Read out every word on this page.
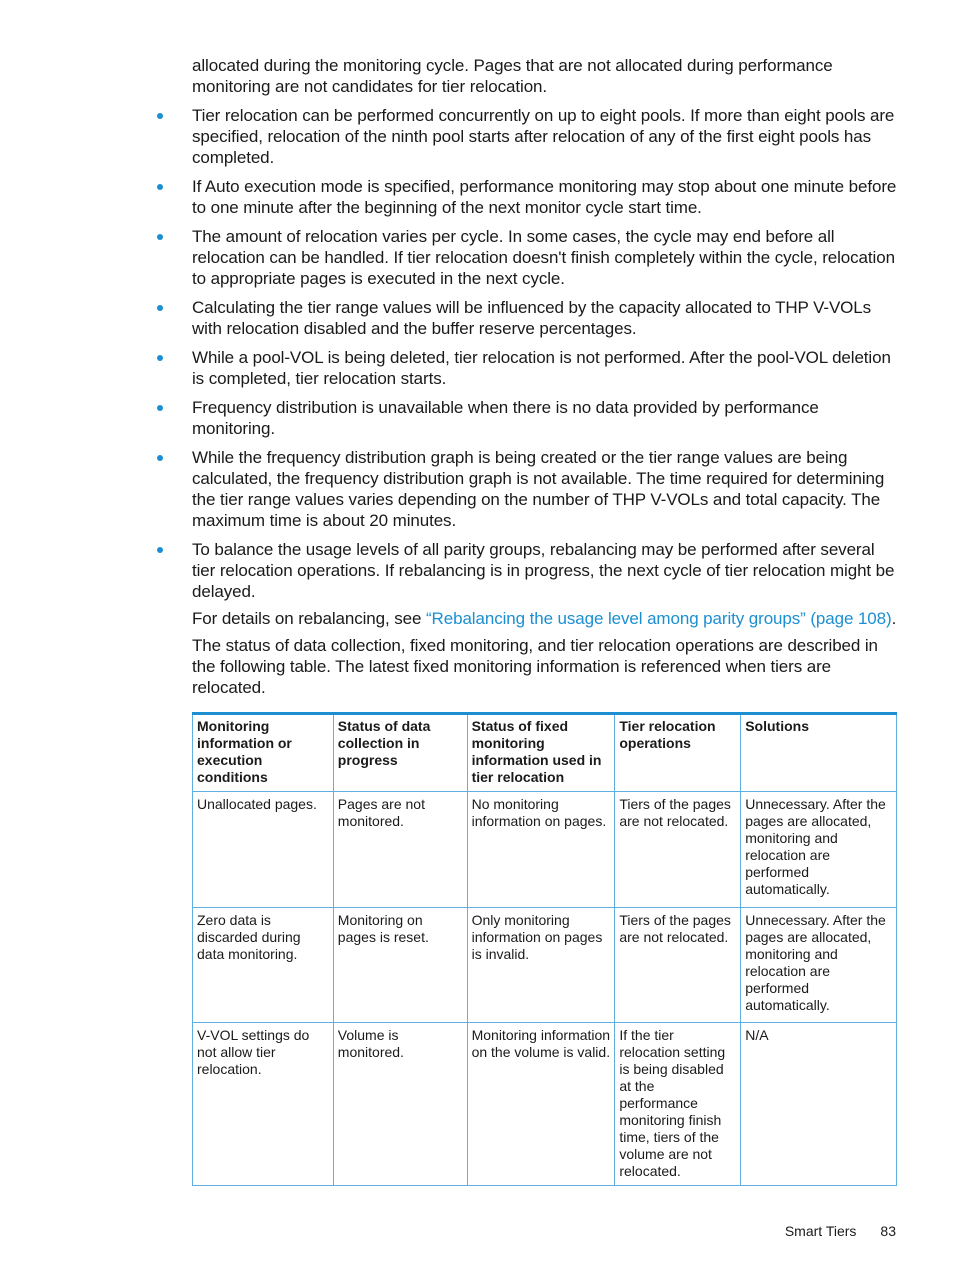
allocated during the monitoring cycle. Pages that are not allocated during performance monitoring are not candidates for tier relocation.

Tier relocation can be performed concurrently on up to eight pools. If more than eight pools are specified, relocation of the ninth pool starts after relocation of any of the first eight pools has completed.
If Auto execution mode is specified, performance monitoring may stop about one minute before to one minute after the beginning of the next monitor cycle start time.
The amount of relocation varies per cycle. In some cases, the cycle may end before all relocation can be handled. If tier relocation doesn't finish completely within the cycle, relocation to appropriate pages is executed in the next cycle.
Calculating the tier range values will be influenced by the capacity allocated to THP V-VOLs with relocation disabled and the buffer reserve percentages.
While a pool-VOL is being deleted, tier relocation is not performed. After the pool-VOL deletion is completed, tier relocation starts.
Frequency distribution is unavailable when there is no data provided by performance monitoring.
While the frequency distribution graph is being created or the tier range values are being calculated, the frequency distribution graph is not available. The time required for determining the tier range values varies depending on the number of THP V-VOLs and total capacity. The maximum time is about 20 minutes.
To balance the usage levels of all parity groups, rebalancing may be performed after several tier relocation operations. If rebalancing is in progress, the next cycle of tier relocation might be delayed.

For details on rebalancing, see “Rebalancing the usage level among parity groups” (page 108).

The status of data collection, fixed monitoring, and tier relocation operations are described in the following table. The latest fixed monitoring information is referenced when tiers are relocated.

Monitoring information or execution conditions	Status of data collection in progress	Status of fixed monitoring information used in tier relocation	Tier relocation operations	Solutions
Unallocated pages.	Pages are not monitored.	No monitoring information on pages.	Tiers of the pages are not relocated.	Unnecessary. After the pages are allocated, monitoring and relocation are performed automatically.
Zero data is discarded during data monitoring.	Monitoring on pages is reset.	Only monitoring information on pages is invalid.	Tiers of the pages are not relocated.	Unnecessary. After the pages are allocated, monitoring and relocation are performed automatically.
V-VOL settings do not allow tier relocation.	Volume is monitored.	Monitoring information on the volume is valid.	If the tier relocation setting is being disabled at the performance monitoring finish time, tiers of the volume are not relocated.	N/A
Smart Tiers 83
